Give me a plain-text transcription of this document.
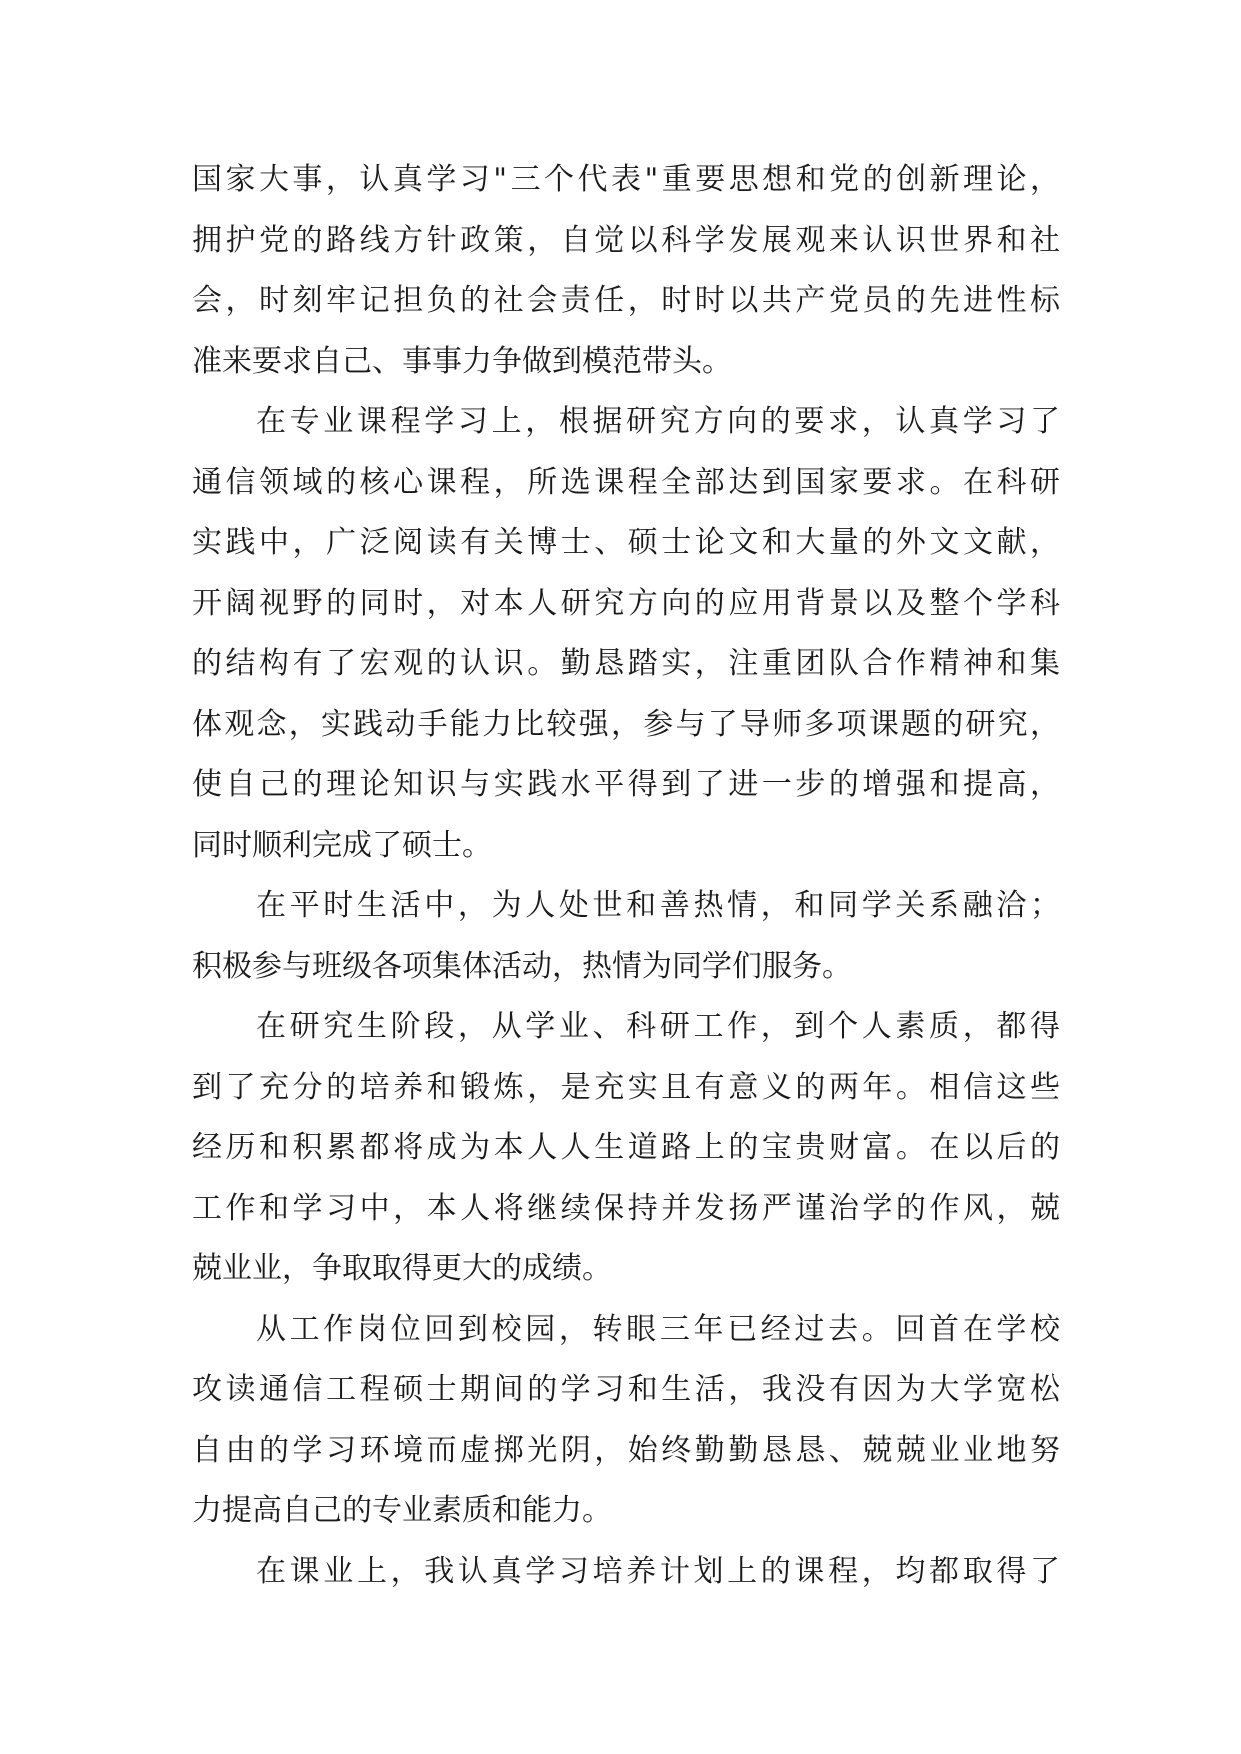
国家大事，认真学习"三个代表"重要思想和党的创新理论，
拥护党的路线方针政策，自觉以科学发展观来认识世界和社
会，时刻牢记担负的社会责任，时时以共产党员的先进性标
准来要求自己、事事力争做到模范带头。
在专业课程学习上，根据研究方向的要求，认真学习了
通信领域的核心课程，所选课程全部达到国家要求。在科研
实践中，广泛阅读有关博士、硕士论文和大量的外文文献，
开阔视野的同时，对本人研究方向的应用背景以及整个学科
的结构有了宏观的认识。勤恳踏实，注重团队合作精神和集
体观念，实践动手能力比较强，参与了导师多项课题的研究，
使自己的理论知识与实践水平得到了进一步的增强和提高，
同时顺利完成了硕士。
在平时生活中，为人处世和善热情，和同学关系融洽；
积极参与班级各项集体活动，热情为同学们服务。
在研究生阶段，从学业、科研工作，到个人素质，都得
到了充分的培养和锻炼，是充实且有意义的两年。相信这些
经历和积累都将成为本人人生道路上的宝贵财富。在以后的
工作和学习中，本人将继续保持并发扬严谨治学的作风，兢
兢业业，争取取得更大的成绩。
从工作岗位回到校园，转眼三年已经过去。回首在学校
攻读通信工程硕士期间的学习和生活，我没有因为大学宽松
自由的学习环境而虚掷光阴，始终勤勤恳恳、兢兢业业地努
力提高自己的专业素质和能力。
在课业上，我认真学习培养计划上的课程，均都取得了
